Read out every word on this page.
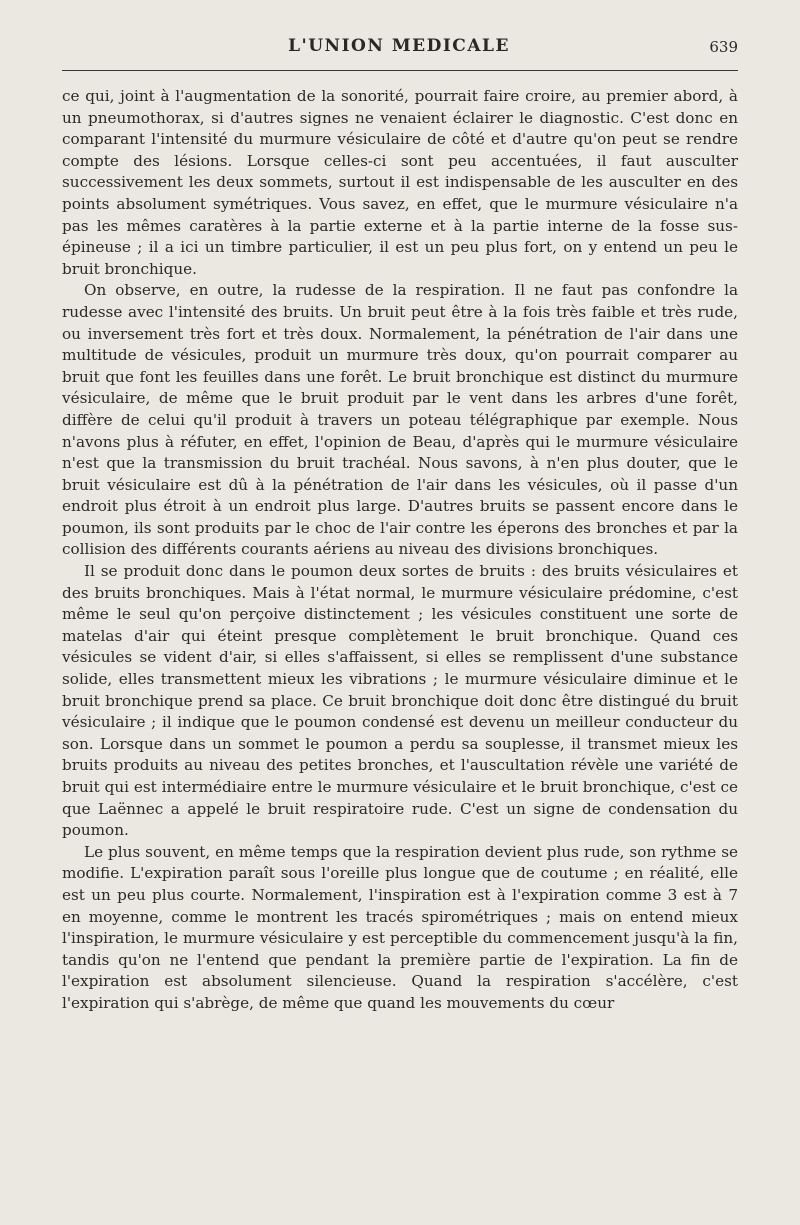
L'UNION MEDICALE	639

ce qui, joint à l'augmentation de la sonorité, pourrait faire croire, au premier abord, à un pneumothorax, si d'autres signes ne venaient éclairer le diagnostic. C'est donc en comparant l'intensité du murmure vésiculaire de côté et d'autre qu'on peut se rendre compte des lésions. Lorsque celles-ci sont peu accentuées, il faut ausculter successivement les deux sommets, surtout il est indispensable de les ausculter en des points absolument symétriques. Vous savez, en effet, que le murmure vésiculaire n'a pas les mêmes caratères à la partie externe et à la partie interne de la fosse sus-épineuse ; il a ici un timbre particulier, il est un peu plus fort, on y entend un peu le bruit bronchique.

On observe, en outre, la rudesse de la respiration. Il ne faut pas confondre la rudesse avec l'intensité des bruits. Un bruit peut être à la fois très faible et très rude, ou inversement très fort et très doux. Normalement, la pénétration de l'air dans une multitude de vésicules, produit un murmure très doux, qu'on pourrait comparer au bruit que font les feuilles dans une forêt. Le bruit bronchique est distinct du murmure vésiculaire, de même que le bruit produit par le vent dans les arbres d'une forêt, diffère de celui qu'il produit à travers un poteau télégraphique par exemple. Nous n'avons plus à réfuter, en effet, l'opinion de Beau, d'après qui le murmure vésiculaire n'est que la transmission du bruit trachéal. Nous savons, à n'en plus douter, que le bruit vésiculaire est dû à la pénétration de l'air dans les vésicules, où il passe d'un endroit plus étroit à un endroit plus large. D'autres bruits se passent encore dans le poumon, ils sont produits par le choc de l'air contre les éperons des bronches et par la collision des différents courants aériens au niveau des divisions bronchiques.

Il se produit donc dans le poumon deux sortes de bruits : des bruits vésiculaires et des bruits bronchiques. Mais à l'état normal, le murmure vésiculaire prédomine, c'est même le seul qu'on perçoive distinctement ; les vésicules constituent une sorte de matelas d'air qui éteint presque complètement le bruit bronchique. Quand ces vésicules se vident d'air, si elles s'affaissent, si elles se remplissent d'une substance solide, elles transmettent mieux les vibrations ; le murmure vésiculaire diminue et le bruit bronchique prend sa place. Ce bruit bronchique doit donc être distingué du bruit vésiculaire ; il indique que le poumon condensé est devenu un meilleur conducteur du son. Lorsque dans un sommet le poumon a perdu sa souplesse, il transmet mieux les bruits produits au niveau des petites bronches, et l'auscultation révèle une variété de bruit qui est intermédiaire entre le murmure vésiculaire et le bruit bronchique, c'est ce que Laënnec a appelé le bruit respiratoire rude. C'est un signe de condensation du poumon.

Le plus souvent, en même temps que la respiration devient plus rude, son rythme se modifie. L'expiration paraît sous l'oreille plus longue que de coutume ; en réalité, elle est un peu plus courte. Normalement, l'inspiration est à l'expiration comme 3 est à 7 en moyenne, comme le montrent les tracés spirométriques ; mais on entend mieux l'inspiration, le murmure vésiculaire y est perceptible du commencement jusqu'à la fin, tandis qu'on ne l'entend que pendant la première partie de l'expiration. La fin de l'expiration est absolument silencieuse. Quand la respiration s'accélère, c'est l'expiration qui s'abrège, de même que quand les mouvements du cœur
